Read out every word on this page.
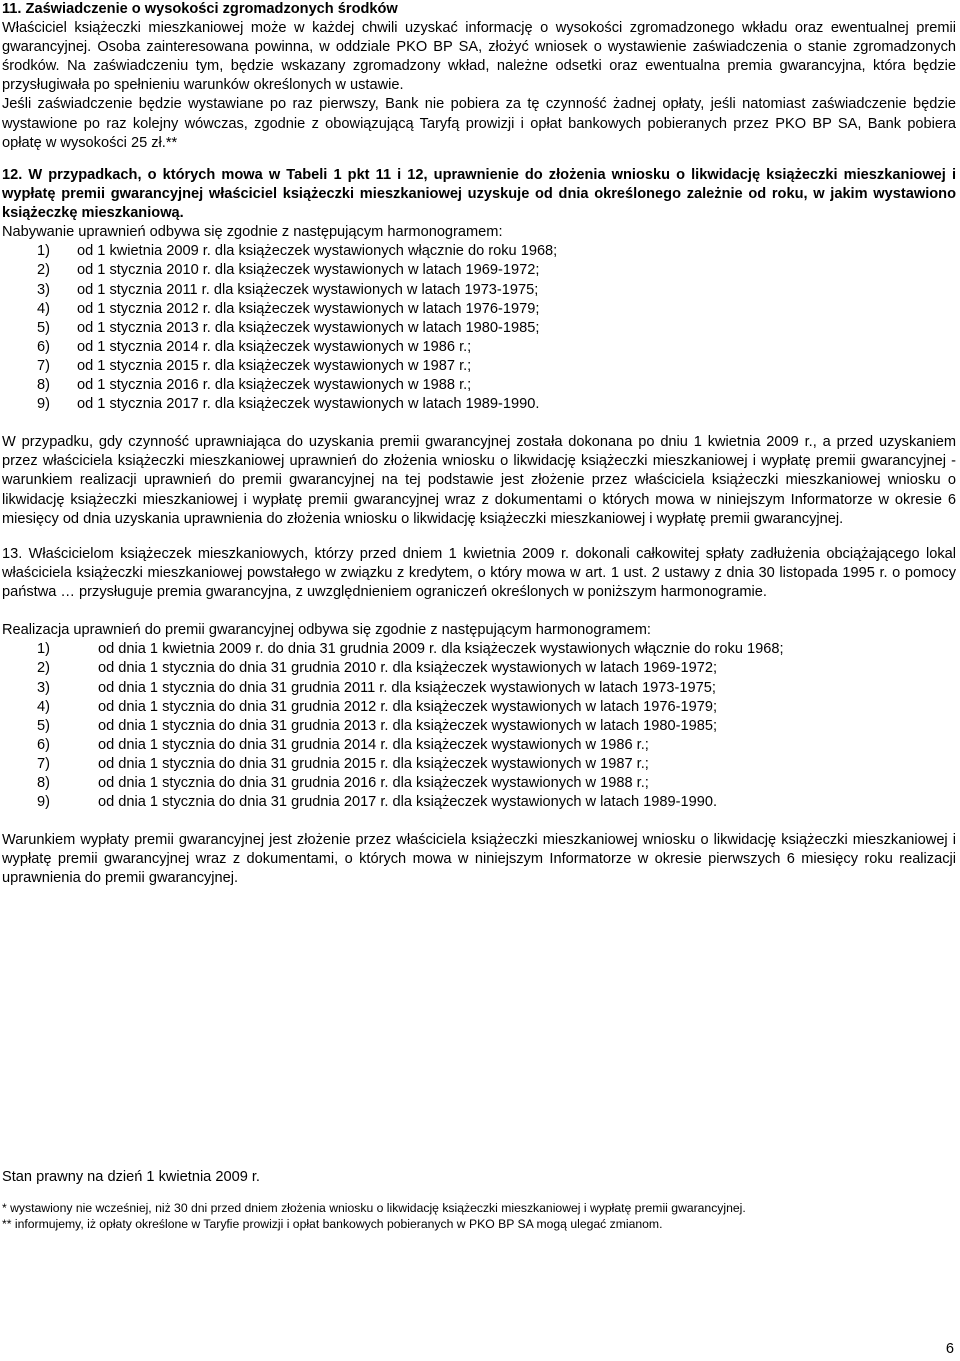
11. Zaświadczenie o wysokości zgromadzonych środków

Właściciel książeczki mieszkaniowej może w każdej chwili uzyskać informację o wysokości zgromadzonego wkładu oraz ewentualnej premii gwarancyjnej. Osoba zainteresowana powinna, w oddziale PKO BP SA, złożyć wniosek o wystawienie zaświadczenia o stanie zgromadzonych środków. Na zaświadczeniu tym, będzie wskazany zgromadzony wkład, należne odsetki oraz ewentualna premia gwarancyjna, która będzie przysługiwała po spełnieniu warunków określonych w ustawie.

Jeśli zaświadczenie będzie wystawiane po raz pierwszy, Bank nie pobiera za tę czynność żadnej opłaty, jeśli natomiast zaświadczenie będzie wystawione po raz kolejny wówczas, zgodnie z obowiązującą Taryfą prowizji i opłat bankowych pobieranych przez PKO BP SA, Bank pobiera opłatę w wysokości 25 zł.**

12. W przypadkach, o których mowa w Tabeli 1 pkt 11 i 12, uprawnienie do złożenia wniosku o likwidację książeczki mieszkaniowej i wypłatę premii gwarancyjnej właściciel książeczki mieszkaniowej uzyskuje od dnia określonego zależnie od roku, w jakim wystawiono książeczkę mieszkaniową.

Nabywanie uprawnień odbywa się zgodnie z następującym harmonogramem:

1)	od 1 kwietnia 2009 r. dla książeczek wystawionych włącznie do roku 1968;
2)	od 1 stycznia 2010 r. dla książeczek wystawionych w latach 1969-1972;
3)	od 1 stycznia 2011 r. dla książeczek wystawionych w latach 1973-1975;
4)	od 1 stycznia 2012 r. dla książeczek wystawionych w latach 1976-1979;
5)	od 1 stycznia 2013 r. dla książeczek wystawionych w latach 1980-1985;
6)	od 1 stycznia 2014 r. dla książeczek wystawionych w 1986 r.;
7)	od 1 stycznia 2015 r. dla książeczek wystawionych w 1987 r.;
8)	od 1 stycznia 2016 r. dla książeczek wystawionych w 1988 r.;
9)	od 1 stycznia 2017 r. dla książeczek wystawionych w latach 1989-1990.

W przypadku, gdy czynność uprawniająca do uzyskania premii gwarancyjnej została dokonana po dniu 1 kwietnia 2009 r., a przed uzyskaniem przez właściciela książeczki mieszkaniowej uprawnień do złożenia wniosku o likwidację książeczki mieszkaniowej i wypłatę premii gwarancyjnej - warunkiem realizacji uprawnień do premii gwarancyjnej na tej podstawie jest złożenie przez właściciela książeczki mieszkaniowej wniosku o likwidację książeczki mieszkaniowej i wypłatę premii gwarancyjnej wraz z dokumentami o których mowa w niniejszym Informatorze w okresie 6 miesięcy od dnia uzyskania uprawnienia do złożenia wniosku o likwidację książeczki mieszkaniowej i wypłatę premii gwarancyjnej.

13. Właścicielom książeczek mieszkaniowych, którzy przed dniem 1 kwietnia 2009 r. dokonali całkowitej spłaty zadłużenia obciążającego lokal właściciela książeczki mieszkaniowej powstałego w związku z kredytem, o który mowa w art. 1 ust. 2 ustawy z dnia 30 listopada 1995 r. o pomocy państwa … przysługuje premia gwarancyjna, z uwzględnieniem ograniczeń określonych w poniższym harmonogramie.

Realizacja uprawnień do premii gwarancyjnej odbywa się zgodnie z następującym harmonogramem:

1)	od dnia 1 kwietnia 2009 r. do dnia 31 grudnia 2009 r. dla książeczek wystawionych włącznie do roku 1968;
2)	od dnia 1 stycznia do dnia 31 grudnia 2010 r. dla książeczek wystawionych w latach 1969-1972;
3)	od dnia 1 stycznia do dnia 31 grudnia 2011 r. dla książeczek wystawionych w latach 1973-1975;
4)	od dnia 1 stycznia do dnia 31 grudnia 2012 r. dla książeczek wystawionych w latach 1976-1979;
5)	od dnia 1 stycznia do dnia 31 grudnia 2013 r. dla książeczek wystawionych w latach 1980-1985;
6)	od dnia 1 stycznia do dnia 31 grudnia 2014 r. dla książeczek wystawionych w 1986 r.;
7)	od dnia 1 stycznia do dnia 31 grudnia 2015 r. dla książeczek wystawionych w 1987 r.;
8)	od dnia 1 stycznia do dnia 31 grudnia 2016 r. dla książeczek wystawionych w 1988 r.;
9)	od dnia 1 stycznia do dnia 31 grudnia 2017 r. dla książeczek wystawionych w latach 1989-1990.

Warunkiem wypłaty premii gwarancyjnej jest złożenie przez właściciela książeczki mieszkaniowej wniosku o likwidację książeczki mieszkaniowej i wypłatę premii gwarancyjnej wraz z dokumentami, o których mowa w niniejszym Informatorze w okresie pierwszych 6 miesięcy roku realizacji uprawnienia do premii gwarancyjnej.

Stan prawny na dzień 1 kwietnia 2009 r.
* wystawiony nie wcześniej, niż 30 dni przed dniem złożenia wniosku o likwidację książeczki mieszkaniowej i wypłatę premii gwarancyjnej.
** informujemy, iż opłaty określone w Taryfie prowizji i opłat bankowych pobieranych w PKO BP SA mogą ulegać zmianom.
6
